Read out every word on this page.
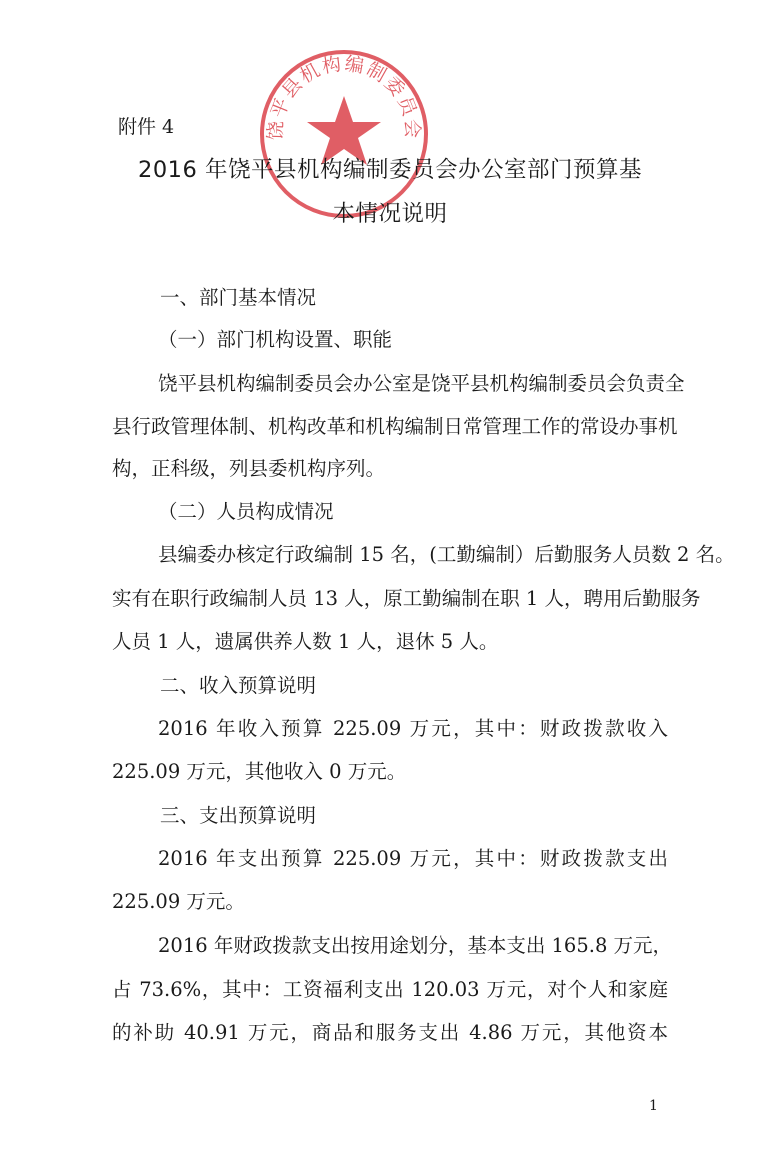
饶平县机构编制委员会
附件 4
2016 年饶平县机构编制委员会办公室部门预算基
本情况说明
一、部门基本情况
（一）部门机构设置、职能
饶平县机构编制委员会办公室是饶平县机构编制委员会负责全
县行政管理体制、机构改革和机构编制日常管理工作的常设办事机
构，正科级，列县委机构序列。
（二）人员构成情况
县编委办核定行政编制 15 名，(工勤编制）后勤服务人员数 2 名。
实有在职行政编制人员 13 人，原工勤编制在职 1 人，聘用后勤服务
人员 1 人，遗属供养人数 1 人，退休 5 人。
二、收入预算说明
2016 年收入预算 225.09 万元，其中：财政拨款收入
225.09 万元，其他收入 0 万元。
三、支出预算说明
2016 年支出预算 225.09 万元，其中：财政拨款支出
225.09 万元。
2016 年财政拨款支出按用途划分，基本支出 165.8 万元，
占 73.6%，其中：工资福利支出 120.03 万元，对个人和家庭
的补助 40.91 万元，商品和服务支出 4.86 万元，其他资本
1
